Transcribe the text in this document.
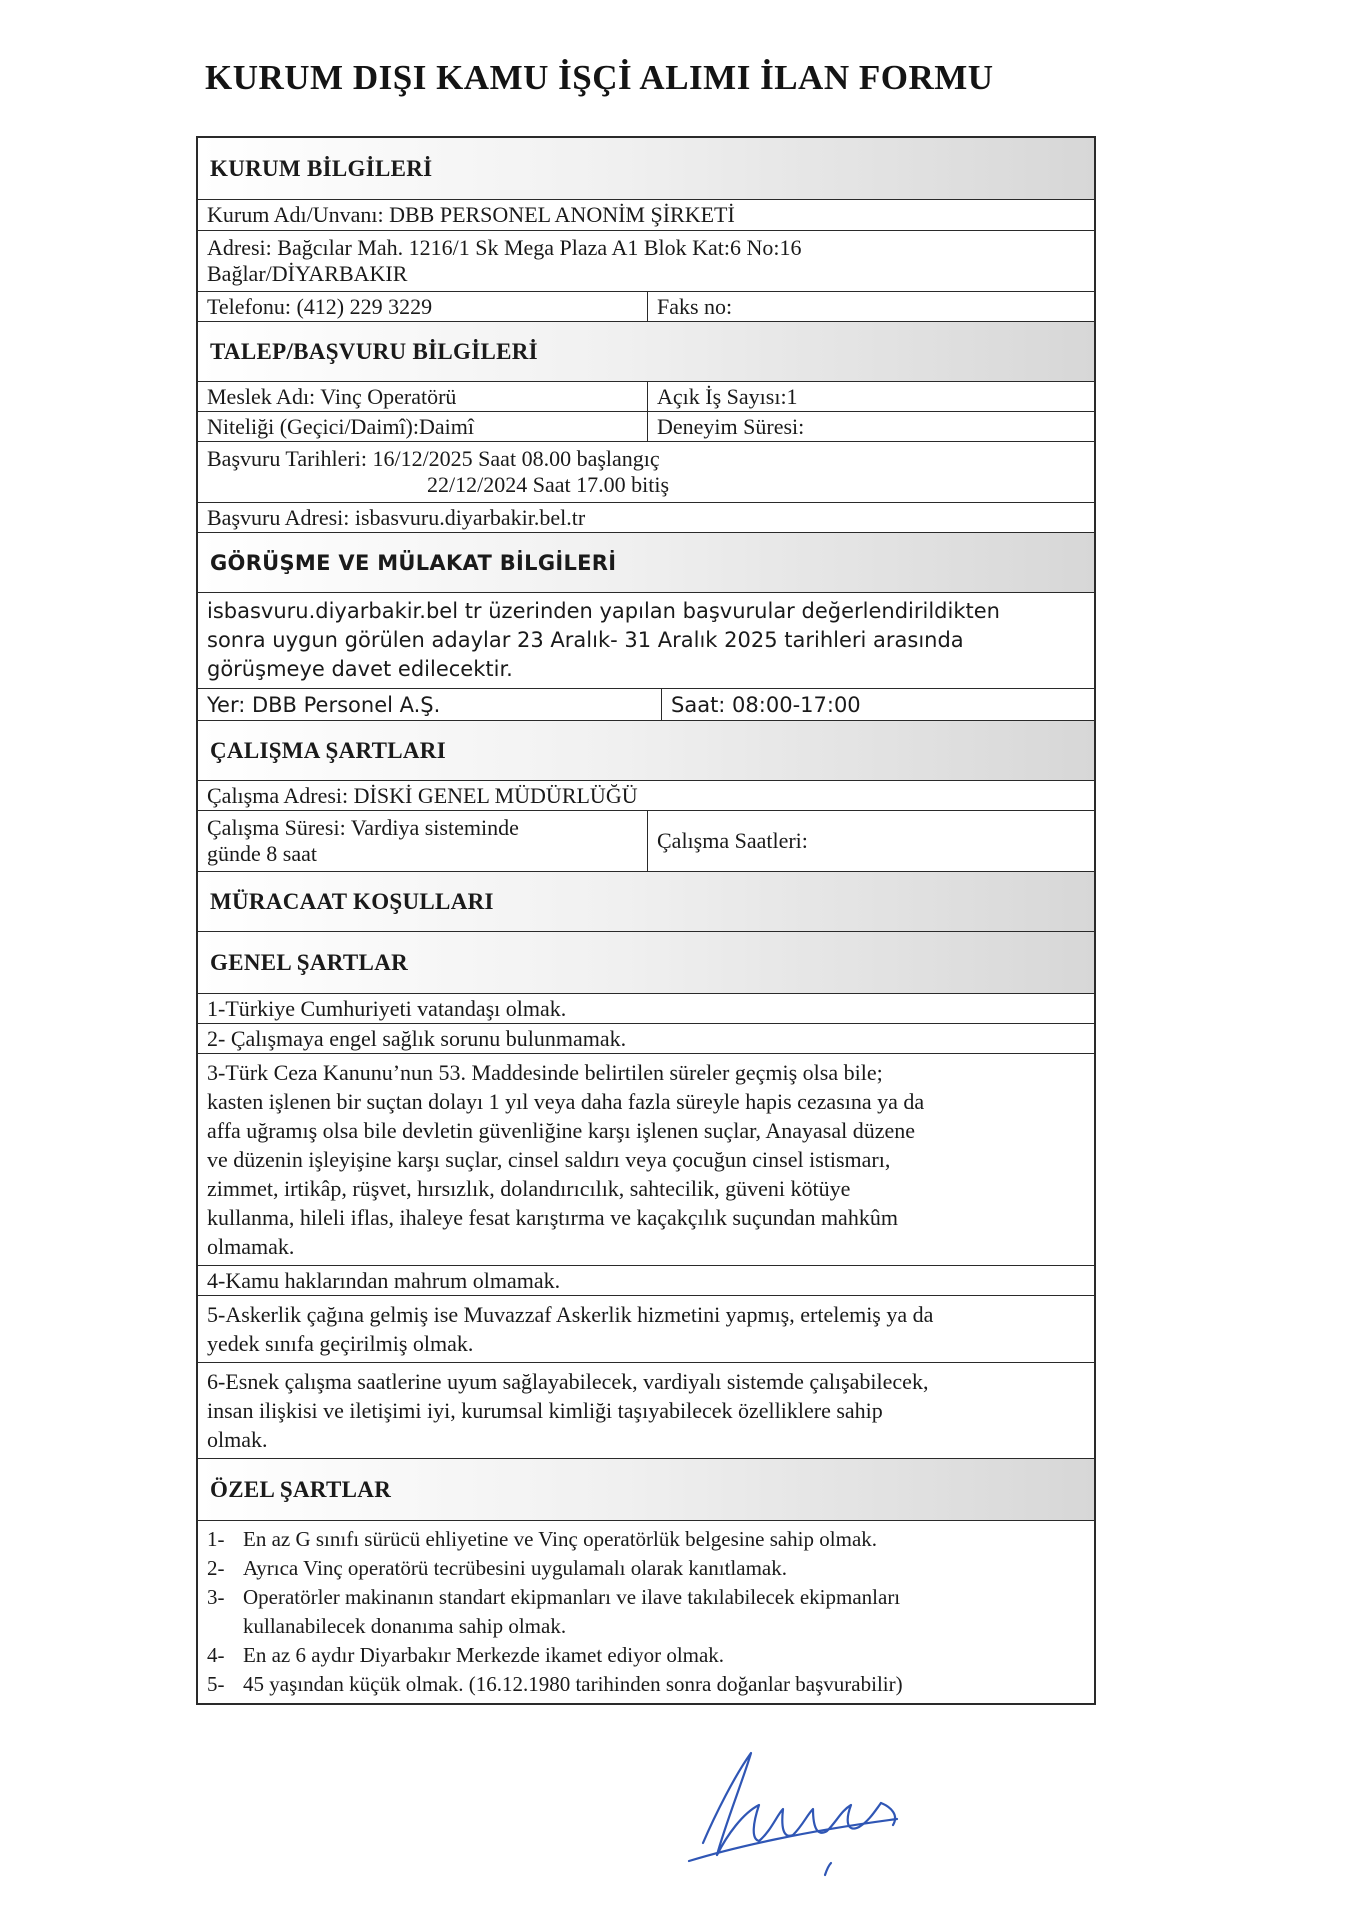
KURUM DIŞI KAMU İŞÇİ ALIMI İLAN FORMU
KURUM BİLGİLERİ
Kurum Adı/Unvanı: DBB PERSONEL ANONİM ŞİRKETİ

Adresi: Bağcılar Mah. 1216/1 Sk Mega Plaza A1 Blok Kat:6 No:16

Bağlar/DİYARBAKIR

Telefonu: (412) 229 3229	Faks no:
TALEP/BAŞVURU BİLGİLERİ
Meslek Adı: Vinç Operatörü	Açık İş Sayısı:1
Niteliği (Geçici/Daimî):Daimî	Deneyim Süresi:

Başvuru Tarihleri: 16/12/2025 Saat 08.00 başlangıç

22/12/2024 Saat 17.00 bitiş

Başvuru Adresi: isbasvuru.diyarbakir.bel.tr
GÖRÜŞME VE MÜLAKAT BİLGİLERİ

isbasvuru.diyarbakir.bel tr üzerinden yapılan başvurular değerlendirildikten

sonra uygun görülen adaylar 23 Aralık- 31 Aralık 2025 tarihleri arasında

görüşmeye davet edilecektir.

Yer: DBB Personel A.Ş.	Saat: 08:00-17:00
ÇALIŞMA ŞARTLARI
Çalışma Adresi: DİSKİ GENEL MÜDÜRLÜĞÜ

Çalışma Süresi: Vardiya sisteminde

günde 8 saat

Çalışma Saatleri:
MÜRACAAT KOŞULLARI
GENEL ŞARTLAR
1-Türkiye Cumhuriyeti vatandaşı olmak.
2- Çalışmaya engel sağlık sorunu bulunmamak.

3-Türk Ceza Kanunu’nun 53. Maddesinde belirtilen süreler geçmiş olsa bile;

kasten işlenen bir suçtan dolayı 1 yıl veya daha fazla süreyle hapis cezasına ya da

affa uğramış olsa bile devletin güvenliğine karşı işlenen suçlar, Anayasal düzene

ve düzenin işleyişine karşı suçlar, cinsel saldırı veya çocuğun cinsel istismarı,

zimmet, irtikâp, rüşvet, hırsızlık, dolandırıcılık, sahtecilik, güveni kötüye

kullanma, hileli iflas, ihaleye fesat karıştırma ve kaçakçılık suçundan mahkûm

olmamak.

4-Kamu haklarından mahrum olmamak.

5-Askerlik çağına gelmiş ise Muvazzaf Askerlik hizmetini yapmış, ertelemiş ya da

yedek sınıfa geçirilmiş olmak.

6-Esnek çalışma saatlerine uyum sağlayabilecek, vardiyalı sistemde çalışabilecek,

insan ilişkisi ve iletişimi iyi, kurumsal kimliği taşıyabilecek özelliklere sahip

olmak.

ÖZEL ŞARTLAR
1- En az G sınıfı sürücü ehliyetine ve Vinç operatörlük belgesine sahip olmak.
2- Ayrıca Vinç operatörü tecrübesini uygulamalı olarak kanıtlamak.
3- Operatörler makinanın standart ekipmanları ve ilave takılabilecek ekipmanları
kullanabilecek donanıma sahip olmak.
4- En az 6 aydır Diyarbakır Merkezde ikamet ediyor olmak.
5- 45 yaşından küçük olmak. (16.12.1980 tarihinden sonra doğanlar başvurabilir)
